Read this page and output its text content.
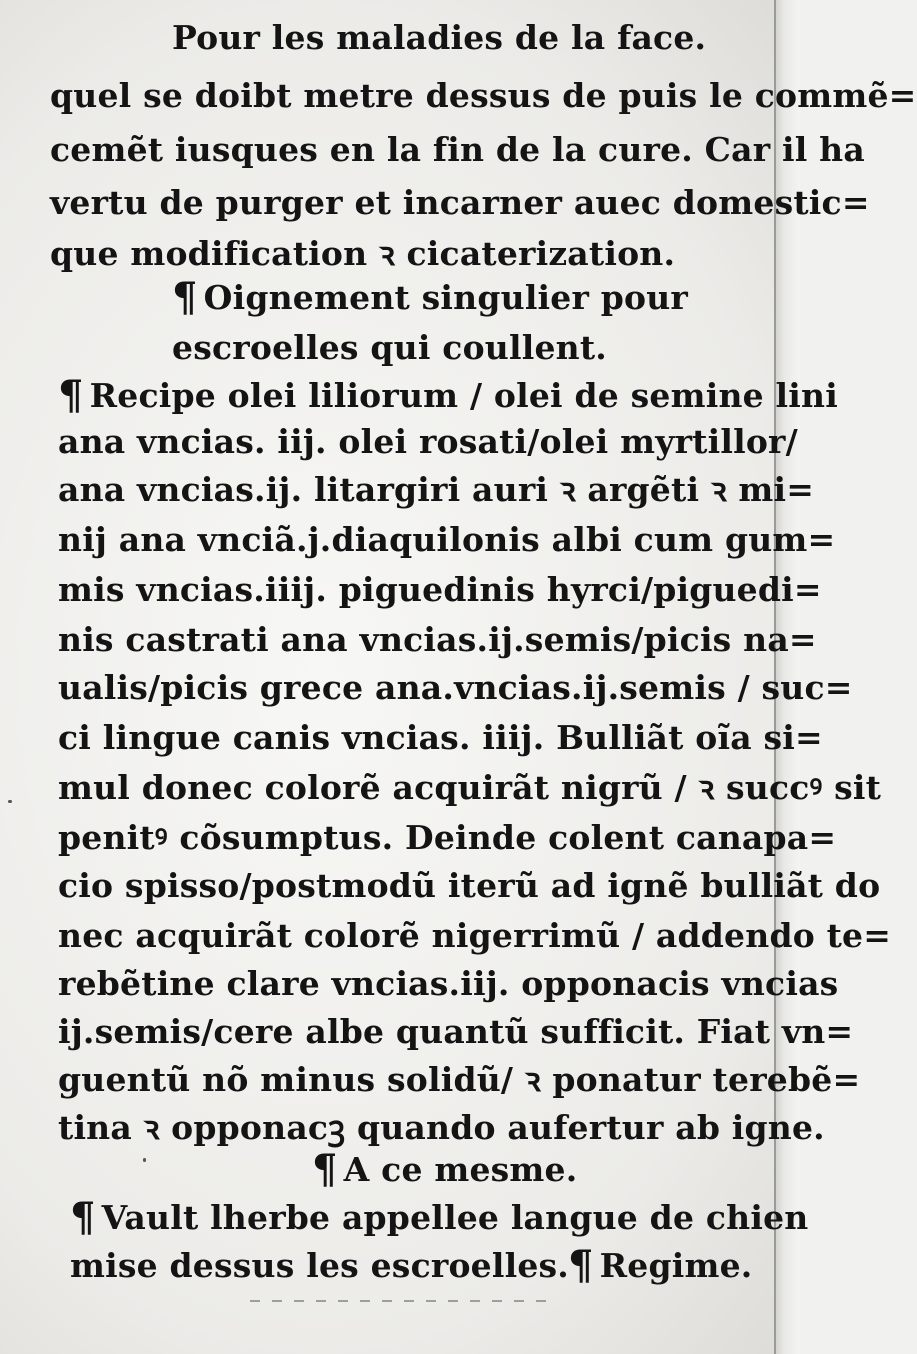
Pour les maladies de la face.
quel se doibt metre dessus de puis le commẽ=
cemẽt iusques en la fin de la cure. Car il ha
vertu de purger et incarner auec domestic=
que modification ꝛ cicaterization.
¶ Oignement singulier pour
escroelles qui coullent.
¶ Recipe olei liliorum / olei de semine lini
ana vncias. iij. olei rosati/olei myrtillor/
ana vncias.ij. litargiri auri ꝛ argẽti ꝛ mi=
nij ana vnciã.j.diaquilonis albi cum gum=
mis vncias.iiij. piguedinis hyrci/piguedi=
nis castrati ana vncias.ij.semis/picis na=
ualis/picis grece ana.vncias.ij.semis / suc=
ci lingue canis vncias. iiij. Bulliãt oĩa si=
mul donec colorẽ acquirãt nigrũ / ꝛ succꝰ sit
penitꝰ cõsumptus. Deinde colent canapa=
cio spisso/postmodũ iterũ ad ignẽ bulliãt do
nec acquirãt colorẽ nigerrimũ / addendo te=
rebẽtine clare vncias.iij. opponacis vncias
ij.semis/cere albe quantũ sufficit. Fiat vn=
guentũ nõ minus solidũ/ ꝛ ponatur terebẽ=
tina ꝛ opponacꝫ quando aufertur ab igne.
¶ A ce mesme.
¶ Vault lherbe appellee langue de chien
mise dessus les escroelles. ¶ Regime.
